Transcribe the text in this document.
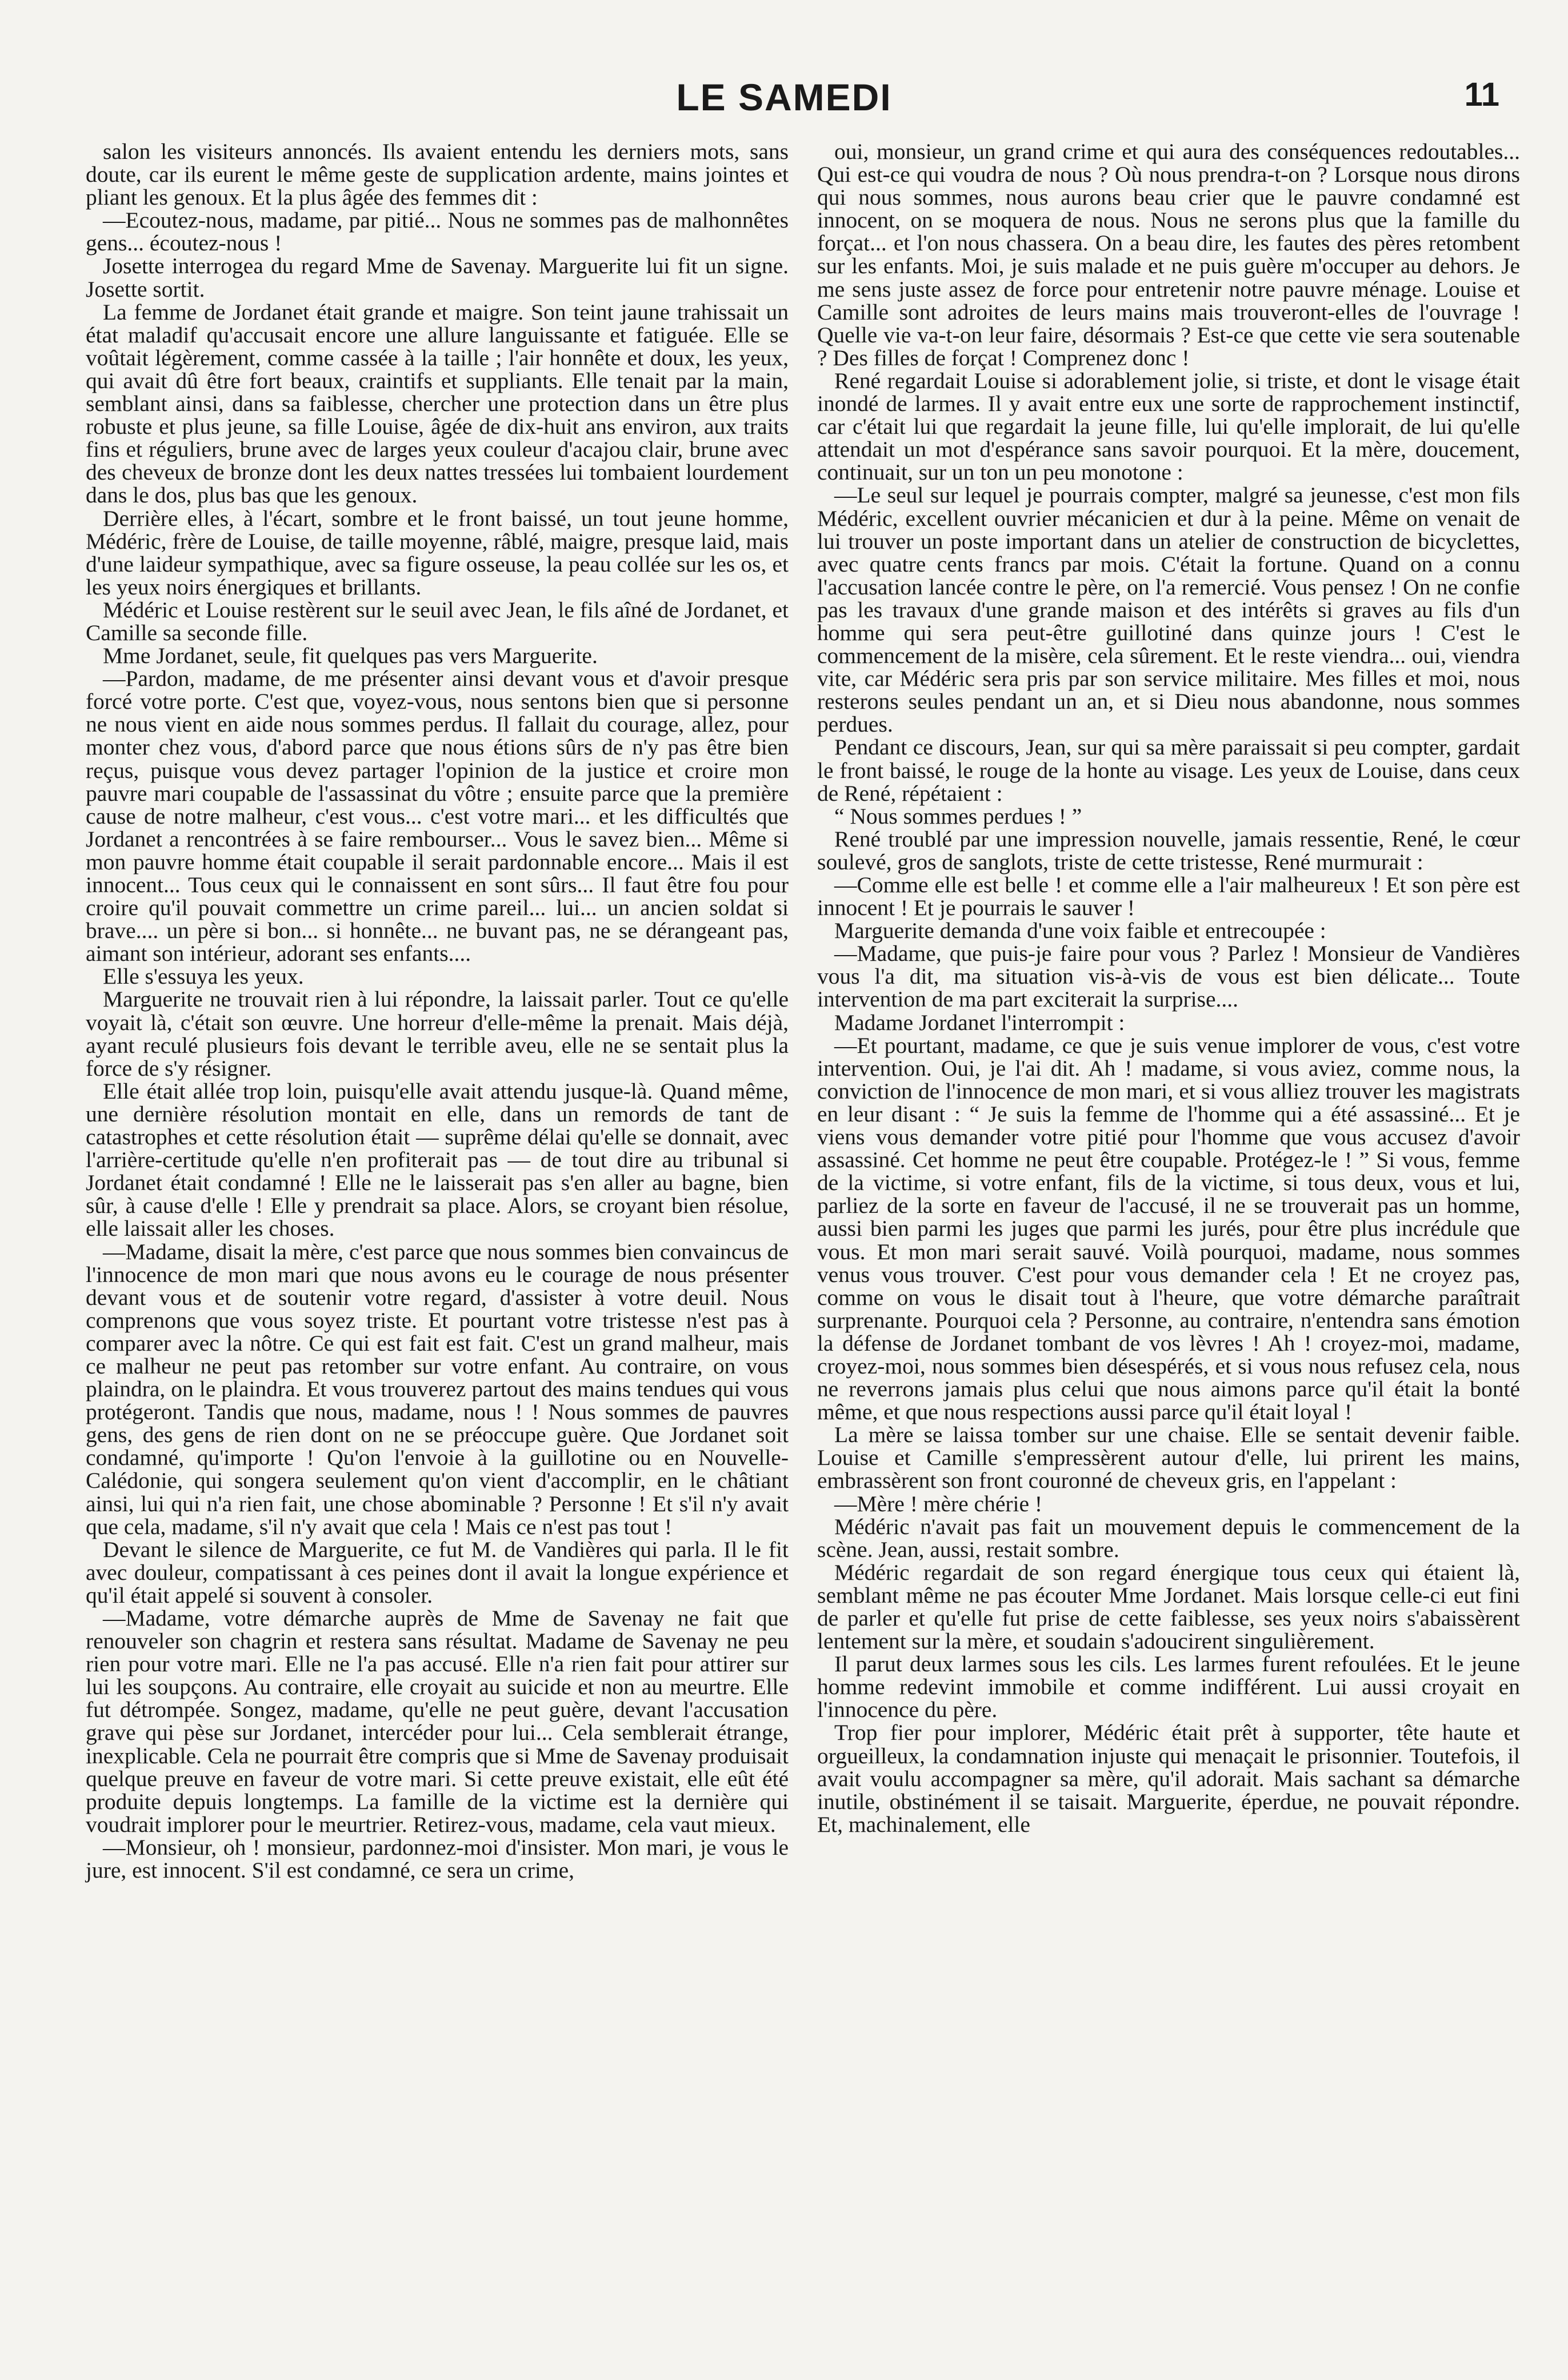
LE SAMEDI	11

salon les visiteurs annoncés. Ils avaient entendu les derniers mots, sans doute, car ils eurent le même geste de supplication ardente, mains jointes et pliant les genoux. Et la plus âgée des femmes dit :

—Ecoutez-nous, madame, par pitié... Nous ne sommes pas de malhonnêtes gens... écoutez-nous !

Josette interrogea du regard Mme de Savenay. Marguerite lui fit un signe. Josette sortit.

La femme de Jordanet était grande et maigre. Son teint jaune trahissait un état maladif qu'accusait encore une allure languissante et fatiguée. Elle se voûtait légèrement, comme cassée à la taille ; l'air honnête et doux, les yeux, qui avait dû être fort beaux, craintifs et suppliants. Elle tenait par la main, semblant ainsi, dans sa faiblesse, chercher une protection dans un être plus robuste et plus jeune, sa fille Louise, âgée de dix-huit ans environ, aux traits fins et réguliers, brune avec de larges yeux couleur d'acajou clair, brune avec des cheveux de bronze dont les deux nattes tressées lui tombaient lourdement dans le dos, plus bas que les genoux.

Derrière elles, à l'écart, sombre et le front baissé, un tout jeune homme, Médéric, frère de Louise, de taille moyenne, râblé, maigre, presque laid, mais d'une laideur sympathique, avec sa figure osseuse, la peau collée sur les os, et les yeux noirs énergiques et brillants.

Médéric et Louise restèrent sur le seuil avec Jean, le fils aîné de Jordanet, et Camille sa seconde fille.

Mme Jordanet, seule, fit quelques pas vers Marguerite.

—Pardon, madame, de me présenter ainsi devant vous et d'avoir presque forcé votre porte. C'est que, voyez-vous, nous sentons bien que si personne ne nous vient en aide nous sommes perdus. Il fallait du courage, allez, pour monter chez vous, d'abord parce que nous étions sûrs de n'y pas être bien reçus, puisque vous devez partager l'opinion de la justice et croire mon pauvre mari coupable de l'assassinat du vôtre ; ensuite parce que la première cause de notre malheur, c'est vous... c'est votre mari... et les difficultés que Jordanet a rencontrées à se faire rembourser... Vous le savez bien... Même si mon pauvre homme était coupable il serait pardonnable encore... Mais il est innocent... Tous ceux qui le connaissent en sont sûrs... Il faut être fou pour croire qu'il pouvait commettre un crime pareil... lui... un ancien soldat si brave.... un père si bon... si honnête... ne buvant pas, ne se dérangeant pas, aimant son intérieur, adorant ses enfants....

Elle s'essuya les yeux.

Marguerite ne trouvait rien à lui répondre, la laissait parler. Tout ce qu'elle voyait là, c'était son œuvre. Une horreur d'elle-même la prenait. Mais déjà, ayant reculé plusieurs fois devant le terrible aveu, elle ne se sentait plus la force de s'y résigner.

Elle était allée trop loin, puisqu'elle avait attendu jusque-là. Quand même, une dernière résolution montait en elle, dans un remords de tant de catastrophes et cette résolution était — suprême délai qu'elle se donnait, avec l'arrière-certitude qu'elle n'en profiterait pas — de tout dire au tribunal si Jordanet était condamné ! Elle ne le laisserait pas s'en aller au bagne, bien sûr, à cause d'elle ! Elle y prendrait sa place. Alors, se croyant bien résolue, elle laissait aller les choses.

—Madame, disait la mère, c'est parce que nous sommes bien convaincus de l'innocence de mon mari que nous avons eu le courage de nous présenter devant vous et de soutenir votre regard, d'assister à votre deuil. Nous comprenons que vous soyez triste. Et pourtant votre tristesse n'est pas à comparer avec la nôtre. Ce qui est fait est fait. C'est un grand malheur, mais ce malheur ne peut pas retomber sur votre enfant. Au contraire, on vous plaindra, on le plaindra. Et vous trouverez partout des mains tendues qui vous protégeront. Tandis que nous, madame, nous ! ! Nous sommes de pauvres gens, des gens de rien dont on ne se préoccupe guère. Que Jordanet soit condamné, qu'importe ! Qu'on l'envoie à la guillotine ou en Nouvelle-Calédonie, qui songera seulement qu'on vient d'accomplir, en le châtiant ainsi, lui qui n'a rien fait, une chose abominable ? Personne ! Et s'il n'y avait que cela, madame, s'il n'y avait que cela ! Mais ce n'est pas tout !

Devant le silence de Marguerite, ce fut M. de Vandières qui parla. Il le fit avec douleur, compatissant à ces peines dont il avait la longue expérience et qu'il était appelé si souvent à consoler.

—Madame, votre démarche auprès de Mme de Savenay ne fait que renouveler son chagrin et restera sans résultat. Madame de Savenay ne peu rien pour votre mari. Elle ne l'a pas accusé. Elle n'a rien fait pour attirer sur lui les soupçons. Au contraire, elle croyait au suicide et non au meurtre. Elle fut détrompée. Songez, madame, qu'elle ne peut guère, devant l'accusation grave qui pèse sur Jordanet, intercéder pour lui... Cela semblerait étrange, inexplicable. Cela ne pourrait être compris que si Mme de Savenay produisait quelque preuve en faveur de votre mari. Si cette preuve existait, elle eût été produite depuis longtemps. La famille de la victime est la dernière qui voudrait implorer pour le meurtrier. Retirez-vous, madame, cela vaut mieux.

—Monsieur, oh ! monsieur, pardonnez-moi d'insister. Mon mari, je vous le jure, est innocent. S'il est condamné, ce sera un crime,

oui, monsieur, un grand crime et qui aura des conséquences redoutables... Qui est-ce qui voudra de nous ? Où nous prendra-t-on ? Lorsque nous dirons qui nous sommes, nous aurons beau crier que le pauvre condamné est innocent, on se moquera de nous. Nous ne serons plus que la famille du forçat... et l'on nous chassera. On a beau dire, les fautes des pères retombent sur les enfants. Moi, je suis malade et ne puis guère m'occuper au dehors. Je me sens juste assez de force pour entretenir notre pauvre ménage. Louise et Camille sont adroites de leurs mains mais trouveront-elles de l'ouvrage ! Quelle vie va-t-on leur faire, désormais ? Est-ce que cette vie sera soutenable ? Des filles de forçat ! Comprenez donc !

René regardait Louise si adorablement jolie, si triste, et dont le visage était inondé de larmes. Il y avait entre eux une sorte de rapprochement instinctif, car c'était lui que regardait la jeune fille, lui qu'elle implorait, de lui qu'elle attendait un mot d'espérance sans savoir pourquoi. Et la mère, doucement, continuait, sur un ton un peu monotone :

—Le seul sur lequel je pourrais compter, malgré sa jeunesse, c'est mon fils Médéric, excellent ouvrier mécanicien et dur à la peine. Même on venait de lui trouver un poste important dans un atelier de construction de bicyclettes, avec quatre cents francs par mois. C'était la fortune. Quand on a connu l'accusation lancée contre le père, on l'a remercié. Vous pensez ! On ne confie pas les travaux d'une grande maison et des intérêts si graves au fils d'un homme qui sera peut-être guillotiné dans quinze jours ! C'est le commencement de la misère, cela sûrement. Et le reste viendra... oui, viendra vite, car Médéric sera pris par son service militaire. Mes filles et moi, nous resterons seules pendant un an, et si Dieu nous abandonne, nous sommes perdues.

Pendant ce discours, Jean, sur qui sa mère paraissait si peu compter, gardait le front baissé, le rouge de la honte au visage. Les yeux de Louise, dans ceux de René, répétaient :

“ Nous sommes perdues ! ”

René troublé par une impression nouvelle, jamais ressentie, René, le cœur soulevé, gros de sanglots, triste de cette tristesse, René murmurait :

—Comme elle est belle ! et comme elle a l'air malheureux ! Et son père est innocent ! Et je pourrais le sauver !

Marguerite demanda d'une voix faible et entrecoupée :

—Madame, que puis-je faire pour vous ? Parlez ! Monsieur de Vandières vous l'a dit, ma situation vis-à-vis de vous est bien délicate... Toute intervention de ma part exciterait la surprise....

Madame Jordanet l'interrompit :

—Et pourtant, madame, ce que je suis venue implorer de vous, c'est votre intervention. Oui, je l'ai dit. Ah ! madame, si vous aviez, comme nous, la conviction de l'innocence de mon mari, et si vous alliez trouver les magistrats en leur disant : “ Je suis la femme de l'homme qui a été assassiné... Et je viens vous demander votre pitié pour l'homme que vous accusez d'avoir assassiné. Cet homme ne peut être coupable. Protégez-le ! ” Si vous, femme de la victime, si votre enfant, fils de la victime, si tous deux, vous et lui, parliez de la sorte en faveur de l'accusé, il ne se trouverait pas un homme, aussi bien parmi les juges que parmi les jurés, pour être plus incrédule que vous. Et mon mari serait sauvé. Voilà pourquoi, madame, nous sommes venus vous trouver. C'est pour vous demander cela ! Et ne croyez pas, comme on vous le disait tout à l'heure, que votre démarche paraîtrait surprenante. Pourquoi cela ? Personne, au contraire, n'entendra sans émotion la défense de Jordanet tombant de vos lèvres ! Ah ! croyez-moi, madame, croyez-moi, nous sommes bien désespérés, et si vous nous refusez cela, nous ne reverrons jamais plus celui que nous aimons parce qu'il était la bonté même, et que nous respections aussi parce qu'il était loyal !

La mère se laissa tomber sur une chaise. Elle se sentait devenir faible. Louise et Camille s'empressèrent autour d'elle, lui prirent les mains, embrassèrent son front couronné de cheveux gris, en l'appelant :

—Mère ! mère chérie !

Médéric n'avait pas fait un mouvement depuis le commencement de la scène. Jean, aussi, restait sombre.

Médéric regardait de son regard énergique tous ceux qui étaient là, semblant même ne pas écouter Mme Jordanet. Mais lorsque celle-ci eut fini de parler et qu'elle fut prise de cette faiblesse, ses yeux noirs s'abaissèrent lentement sur la mère, et soudain s'adoucirent singulièrement.

Il parut deux larmes sous les cils. Les larmes furent refoulées. Et le jeune homme redevint immobile et comme indifférent. Lui aussi croyait en l'innocence du père.

Trop fier pour implorer, Médéric était prêt à supporter, tête haute et orgueilleux, la condamnation injuste qui menaçait le prisonnier. Toutefois, il avait voulu accompagner sa mère, qu'il adorait. Mais sachant sa démarche inutile, obstinément il se taisait. Marguerite, éperdue, ne pouvait répondre. Et, machinalement, elle
